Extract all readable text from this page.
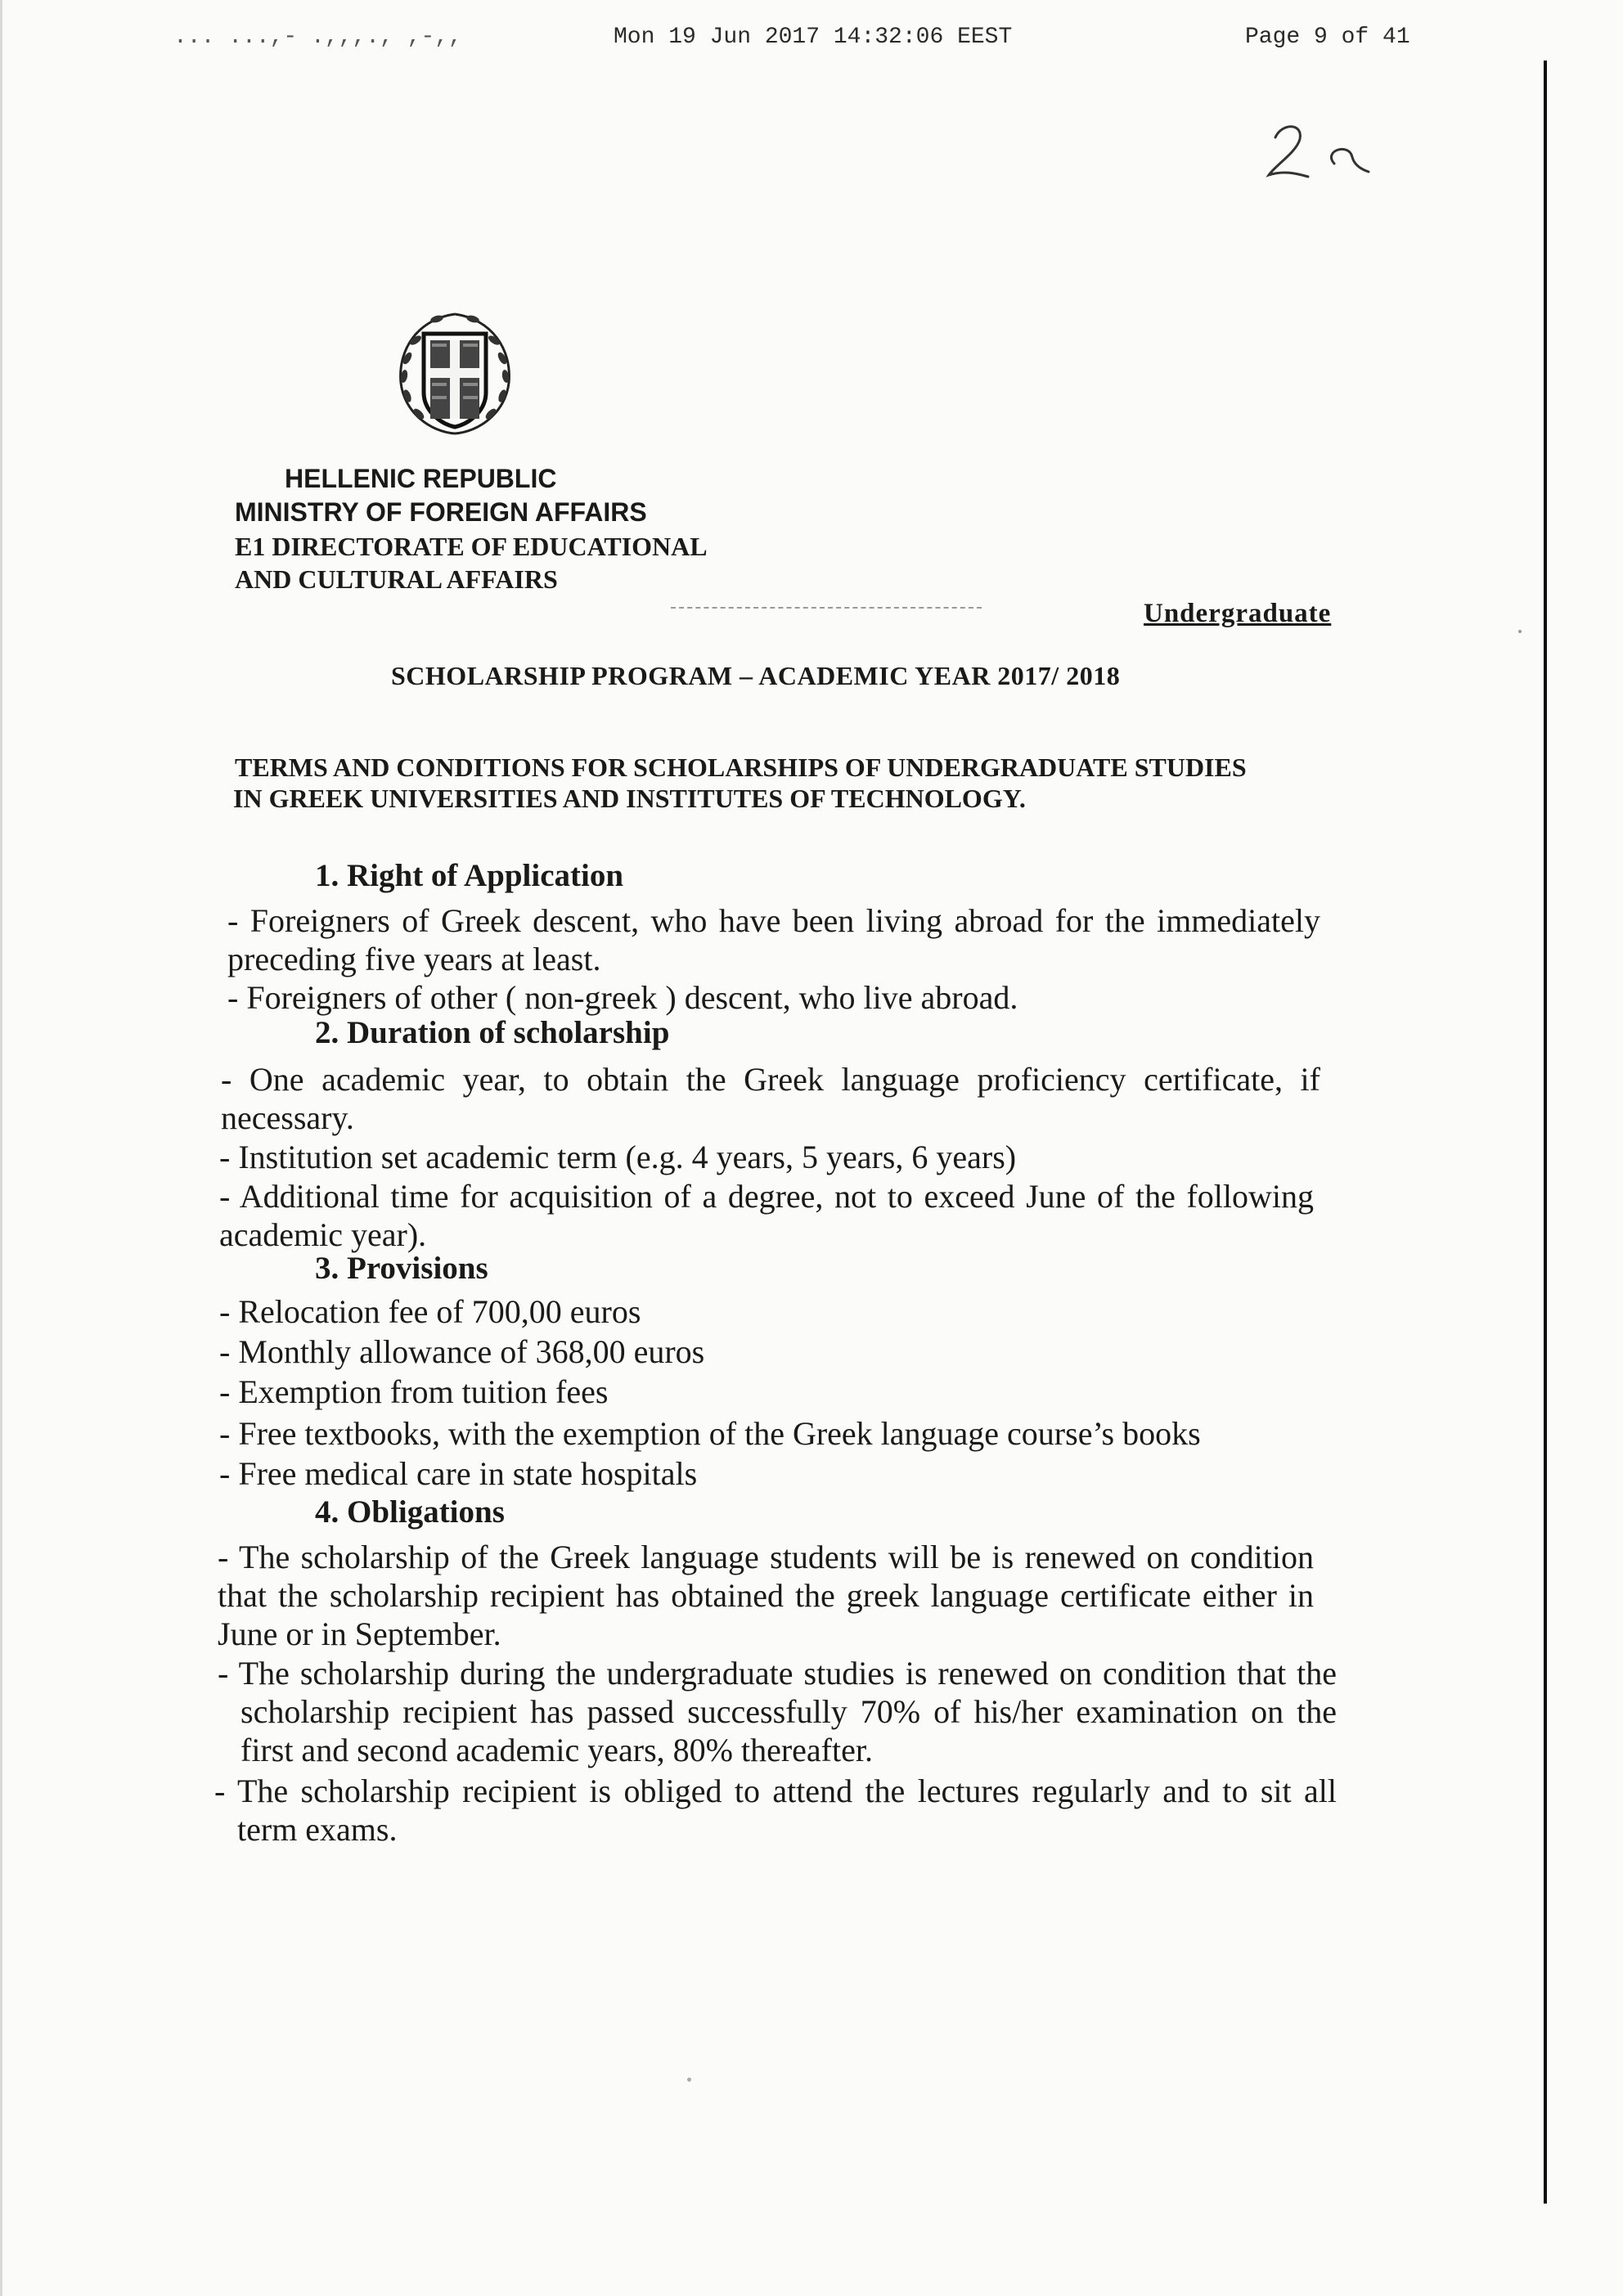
... ...,- .,,,., ,-,,	Mon 19 Jun 2017 14:32:06 EEST	Page 9 of 41
HELLENIC REPUBLIC
MINISTRY OF FOREIGN AFFAIRS
E1 DIRECTORATE OF EDUCATIONAL
AND CULTURAL AFFAIRS
Undergraduate
SCHOLARSHIP PROGRAM – ACADEMIC YEAR 2017/ 2018
TERMS AND CONDITIONS FOR SCHOLARSHIPS OF UNDERGRADUATE STUDIES
IN GREEK UNIVERSITIES AND INSTITUTES OF TECHNOLOGY.
1. Right of Application
- Foreigners of Greek descent, who have been living abroad for the immediately preceding five years at least.
- Foreigners of other ( non-greek ) descent, who live abroad.
2. Duration of scholarship
- One academic year, to obtain the Greek language proficiency certificate, if necessary.
- Institution set academic term (e.g. 4 years, 5 years, 6 years)
- Additional time for acquisition of a degree, not to exceed June of the following academic year).
3. Provisions
- Relocation fee of 700,00 euros
- Monthly allowance of 368,00 euros
- Exemption from tuition fees
- Free textbooks, with the exemption of the Greek language course’s books
- Free medical care in state hospitals
4. Obligations
- The scholarship of the Greek language students will be is renewed on condition that the scholarship recipient has obtained the greek language certificate either in June or in September.
- The scholarship during the undergraduate studies is renewed on condition that the scholarship recipient has passed successfully 70% of his/her examination on the first and second academic years, 80% thereafter.
- The scholarship recipient is obliged to attend the lectures regularly and to sit all term exams.
